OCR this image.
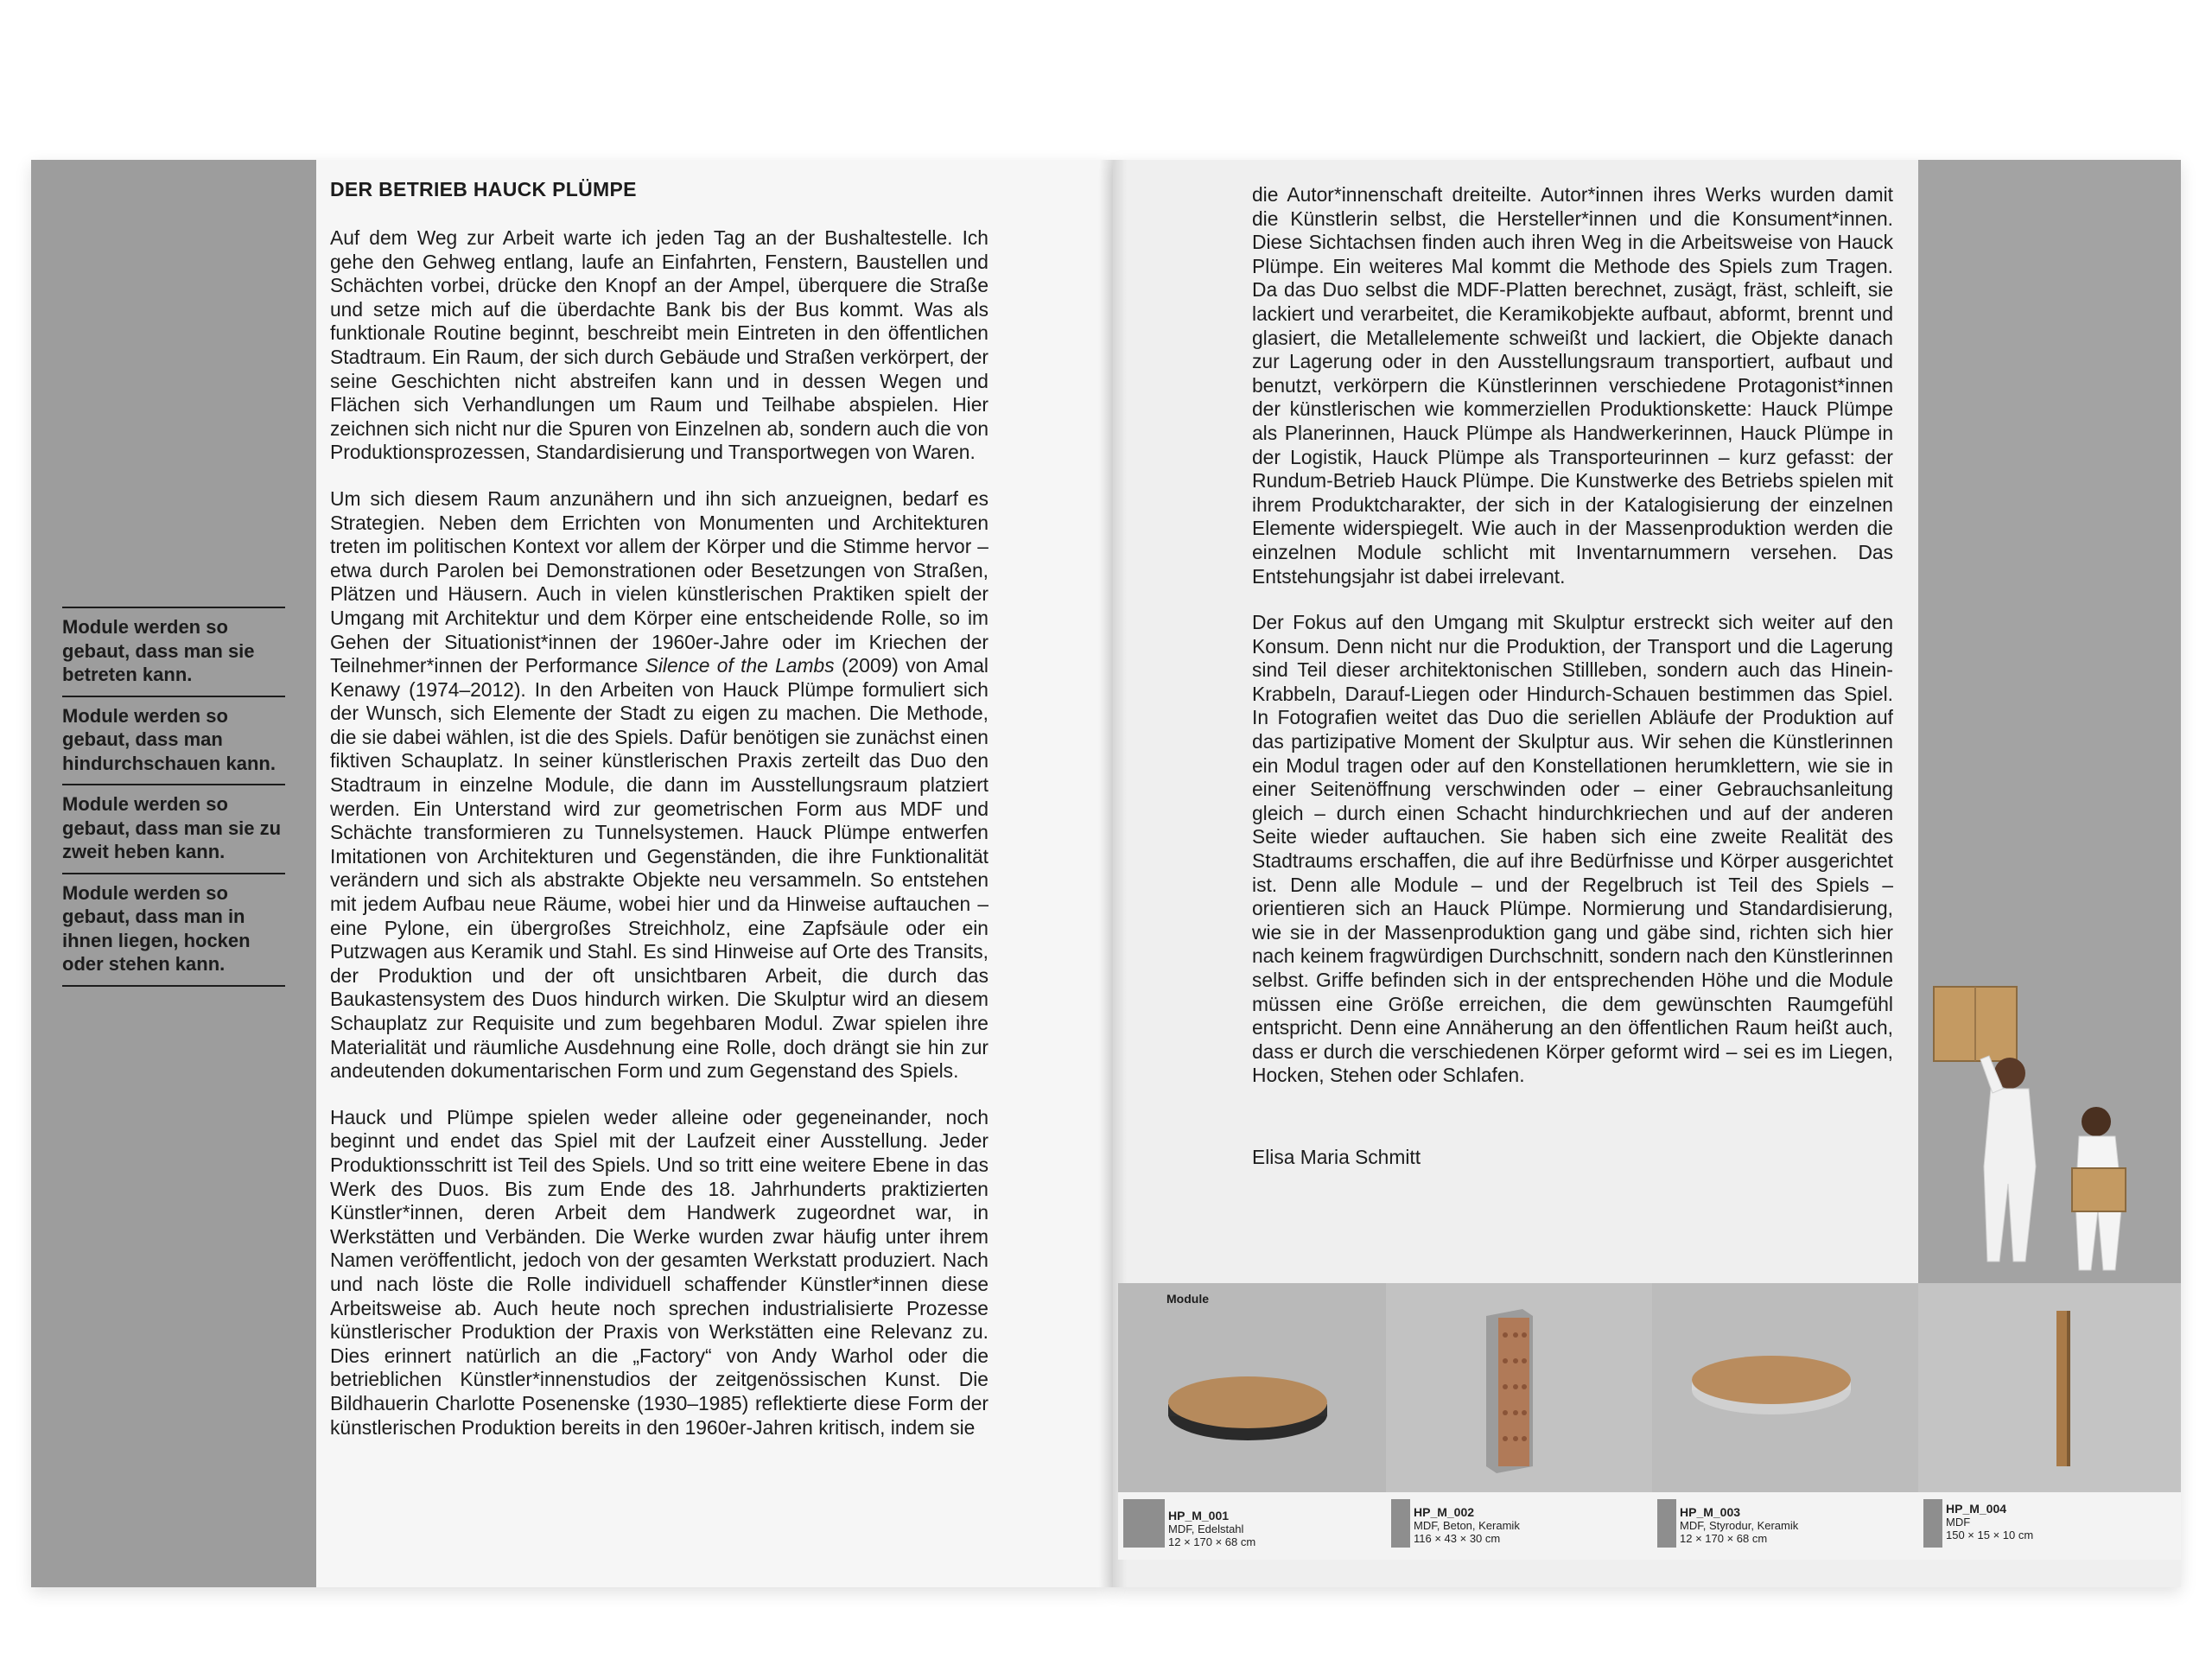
DER BETRIEB HAUCK PLÜMPE
Module werden so gebaut, dass man sie betreten kann.
Module werden so gebaut, dass man hindurchschauen kann.
Module werden so gebaut, dass man sie zu zweit heben kann.
Module werden so gebaut, dass man in ihnen liegen, hocken oder stehen kann.

Auf dem Weg zur Arbeit warte ich jeden Tag an der Bushaltestelle. Ich gehe den Gehweg entlang, laufe an Einfahrten, Fenstern, Baustellen und Schächten vorbei, drücke den Knopf an der Ampel, überquere die Straße und setze mich auf die überdachte Bank bis der Bus kommt. Was als funktionale Routine beginnt, beschreibt mein Eintreten in den öffentlichen Stadtraum. Ein Raum, der sich durch Gebäude und Straßen verkörpert, der seine Geschichten nicht abstreifen kann und in dessen Wegen und Flächen sich Verhandlungen um Raum und Teilhabe abspielen. Hier zeichnen sich nicht nur die Spuren von Einzelnen ab, sondern auch die von Produktionsprozessen, Standardisierung und Transportwegen von Waren.

Um sich diesem Raum anzunähern und ihn sich anzueignen, bedarf es Strategien. Neben dem Errichten von Monumenten und Architekturen treten im politischen Kontext vor allem der Körper und die Stimme hervor – etwa durch Parolen bei Demonstrationen oder Besetzungen von Straßen, Plätzen und Häusern. Auch in vielen künstlerischen Praktiken spielt der Umgang mit Architektur und dem Körper eine entscheidende Rolle, so im Gehen der Situationist*innen der 1960er-Jahre oder im Kriechen der Teilnehmer*innen der Performance Silence of the Lambs (2009) von Amal Kenawy (1974–2012). In den Arbeiten von Hauck Plümpe formuliert sich der Wunsch, sich Elemente der Stadt zu eigen zu machen. Die Methode, die sie dabei wählen, ist die des Spiels. Dafür benötigen sie zunächst einen fiktiven Schauplatz. In seiner künstlerischen Praxis zerteilt das Duo den Stadtraum in einzelne Module, die dann im Ausstellungsraum platziert werden. Ein Unterstand wird zur geometrischen Form aus MDF und Schächte transformieren zu Tunnelsystemen. Hauck Plümpe entwerfen Imitationen von Architekturen und Gegenständen, die ihre Funktionalität verändern und sich als abstrakte Objekte neu versammeln. So entstehen mit jedem Aufbau neue Räume, wobei hier und da Hinweise auftauchen – eine Pylone, ein übergroßes Streichholz, eine Zapfsäule oder ein Putzwagen aus Keramik und Stahl. Es sind Hinweise auf Orte des Transits, der Produktion und der oft unsichtbaren Arbeit, die durch das Baukastensystem des Duos hindurch wirken. Die Skulptur wird an diesem Schauplatz zur Requisite und zum begehbaren Modul. Zwar spielen ihre Materialität und räumliche Ausdehnung eine Rolle, doch drängt sie hin zur andeutenden dokumentarischen Form und zum Gegenstand des Spiels.

Hauck und Plümpe spielen weder alleine oder gegeneinander, noch beginnt und endet das Spiel mit der Laufzeit einer Ausstellung. Jeder Produktionsschritt ist Teil des Spiels. Und so tritt eine weitere Ebene in das Werk des Duos. Bis zum Ende des 18. Jahrhunderts praktizierten Künstler*innen, deren Arbeit dem Handwerk zugeordnet war, in Werkstätten und Verbänden. Die Werke wurden zwar häufig unter ihrem Namen veröffentlicht, jedoch von der gesamten Werkstatt produziert. Nach und nach löste die Rolle individuell schaffender Künstler*innen diese Arbeitsweise ab. Auch heute noch sprechen industrialisierte Prozesse künstlerischer Produktion der Praxis von Werkstätten eine Relevanz zu. Dies erinnert natürlich an die „Factory“ von Andy Warhol oder die betrieblichen Künstler*innenstudios der zeitgenössischen Kunst. Die Bildhauerin Charlotte Posenenske (1930–1985) reflektierte diese Form der künstlerischen Produktion bereits in den 1960er-Jahren kritisch, indem sie

die Autor*innenschaft dreiteilte. Autor*innen ihres Werks wurden damit die Künstlerin selbst, die Hersteller*innen und die Konsument*innen. Diese Sichtachsen finden auch ihren Weg in die Arbeitsweise von Hauck Plümpe. Ein weiteres Mal kommt die Methode des Spiels zum Tragen. Da das Duo selbst die MDF-Platten berechnet, zusägt, fräst, schleift, sie lackiert und verarbeitet, die Keramikobjekte aufbaut, abformt, brennt und glasiert, die Metallelemente schweißt und lackiert, die Objekte danach zur Lagerung oder in den Ausstellungsraum transportiert, aufbaut und benutzt, verkörpern die Künstlerinnen verschiedene Protagonist*innen der künstlerischen wie kommerziellen Produktionskette: Hauck Plümpe als Planerinnen, Hauck Plümpe als Handwerkerinnen, Hauck Plümpe in der Logistik, Hauck Plümpe als Transporteurinnen – kurz gefasst: der Rundum-Betrieb Hauck Plümpe. Die Kunstwerke des Betriebs spielen mit ihrem Produktcharakter, der sich in der Katalogisierung der einzelnen Elemente widerspiegelt. Wie auch in der Massenproduktion werden die einzelnen Module schlicht mit Inventarnummern versehen. Das Entstehungsjahr ist dabei irrelevant.

Der Fokus auf den Umgang mit Skulptur erstreckt sich weiter auf den Konsum. Denn nicht nur die Produktion, der Transport und die Lagerung sind Teil dieser architektonischen Stillleben, sondern auch das Hinein-Krabbeln, Darauf-Liegen oder Hindurch-Schauen bestimmen das Spiel. In Fotografien weitet das Duo die seriellen Abläufe der Produktion auf das partizipative Moment der Skulptur aus. Wir sehen die Künstlerinnen ein Modul tragen oder auf den Konstellationen herumklettern, wie sie in einer Seitenöffnung verschwinden oder – einer Gebrauchsanleitung gleich – durch einen Schacht hindurchkriechen und auf der anderen Seite wieder auftauchen. Sie haben sich eine zweite Realität des Stadtraums erschaffen, die auf ihre Bedürfnisse und Körper ausgerichtet ist. Denn alle Module – und der Regelbruch ist Teil des Spiels – orientieren sich an Hauck Plümpe. Normierung und Standardisierung, wie sie in der Massenproduktion gang und gäbe sind, richten sich hier nach keinem fragwürdigen Durchschnitt, sondern nach den Künstlerinnen selbst. Griffe befinden sich in der entsprechenden Höhe und die Module müssen eine Größe erreichen, die dem gewünschten Raumgefühl entspricht. Denn eine Annäherung an den öffentlichen Raum heißt auch, dass er durch die verschiedenen Körper geformt wird – sei es im Liegen, Hocken, Stehen oder Schlafen.

Elisa Maria Schmitt
Module
HP_M_001
MDF, Edelstahl
12 × 170 × 68 cm
HP_M_002
MDF, Beton, Keramik
116 × 43 × 30 cm
HP_M_003
MDF, Styrodur, Keramik
12 × 170 × 68 cm
HP_M_004
MDF
150 × 15 × 10 cm
